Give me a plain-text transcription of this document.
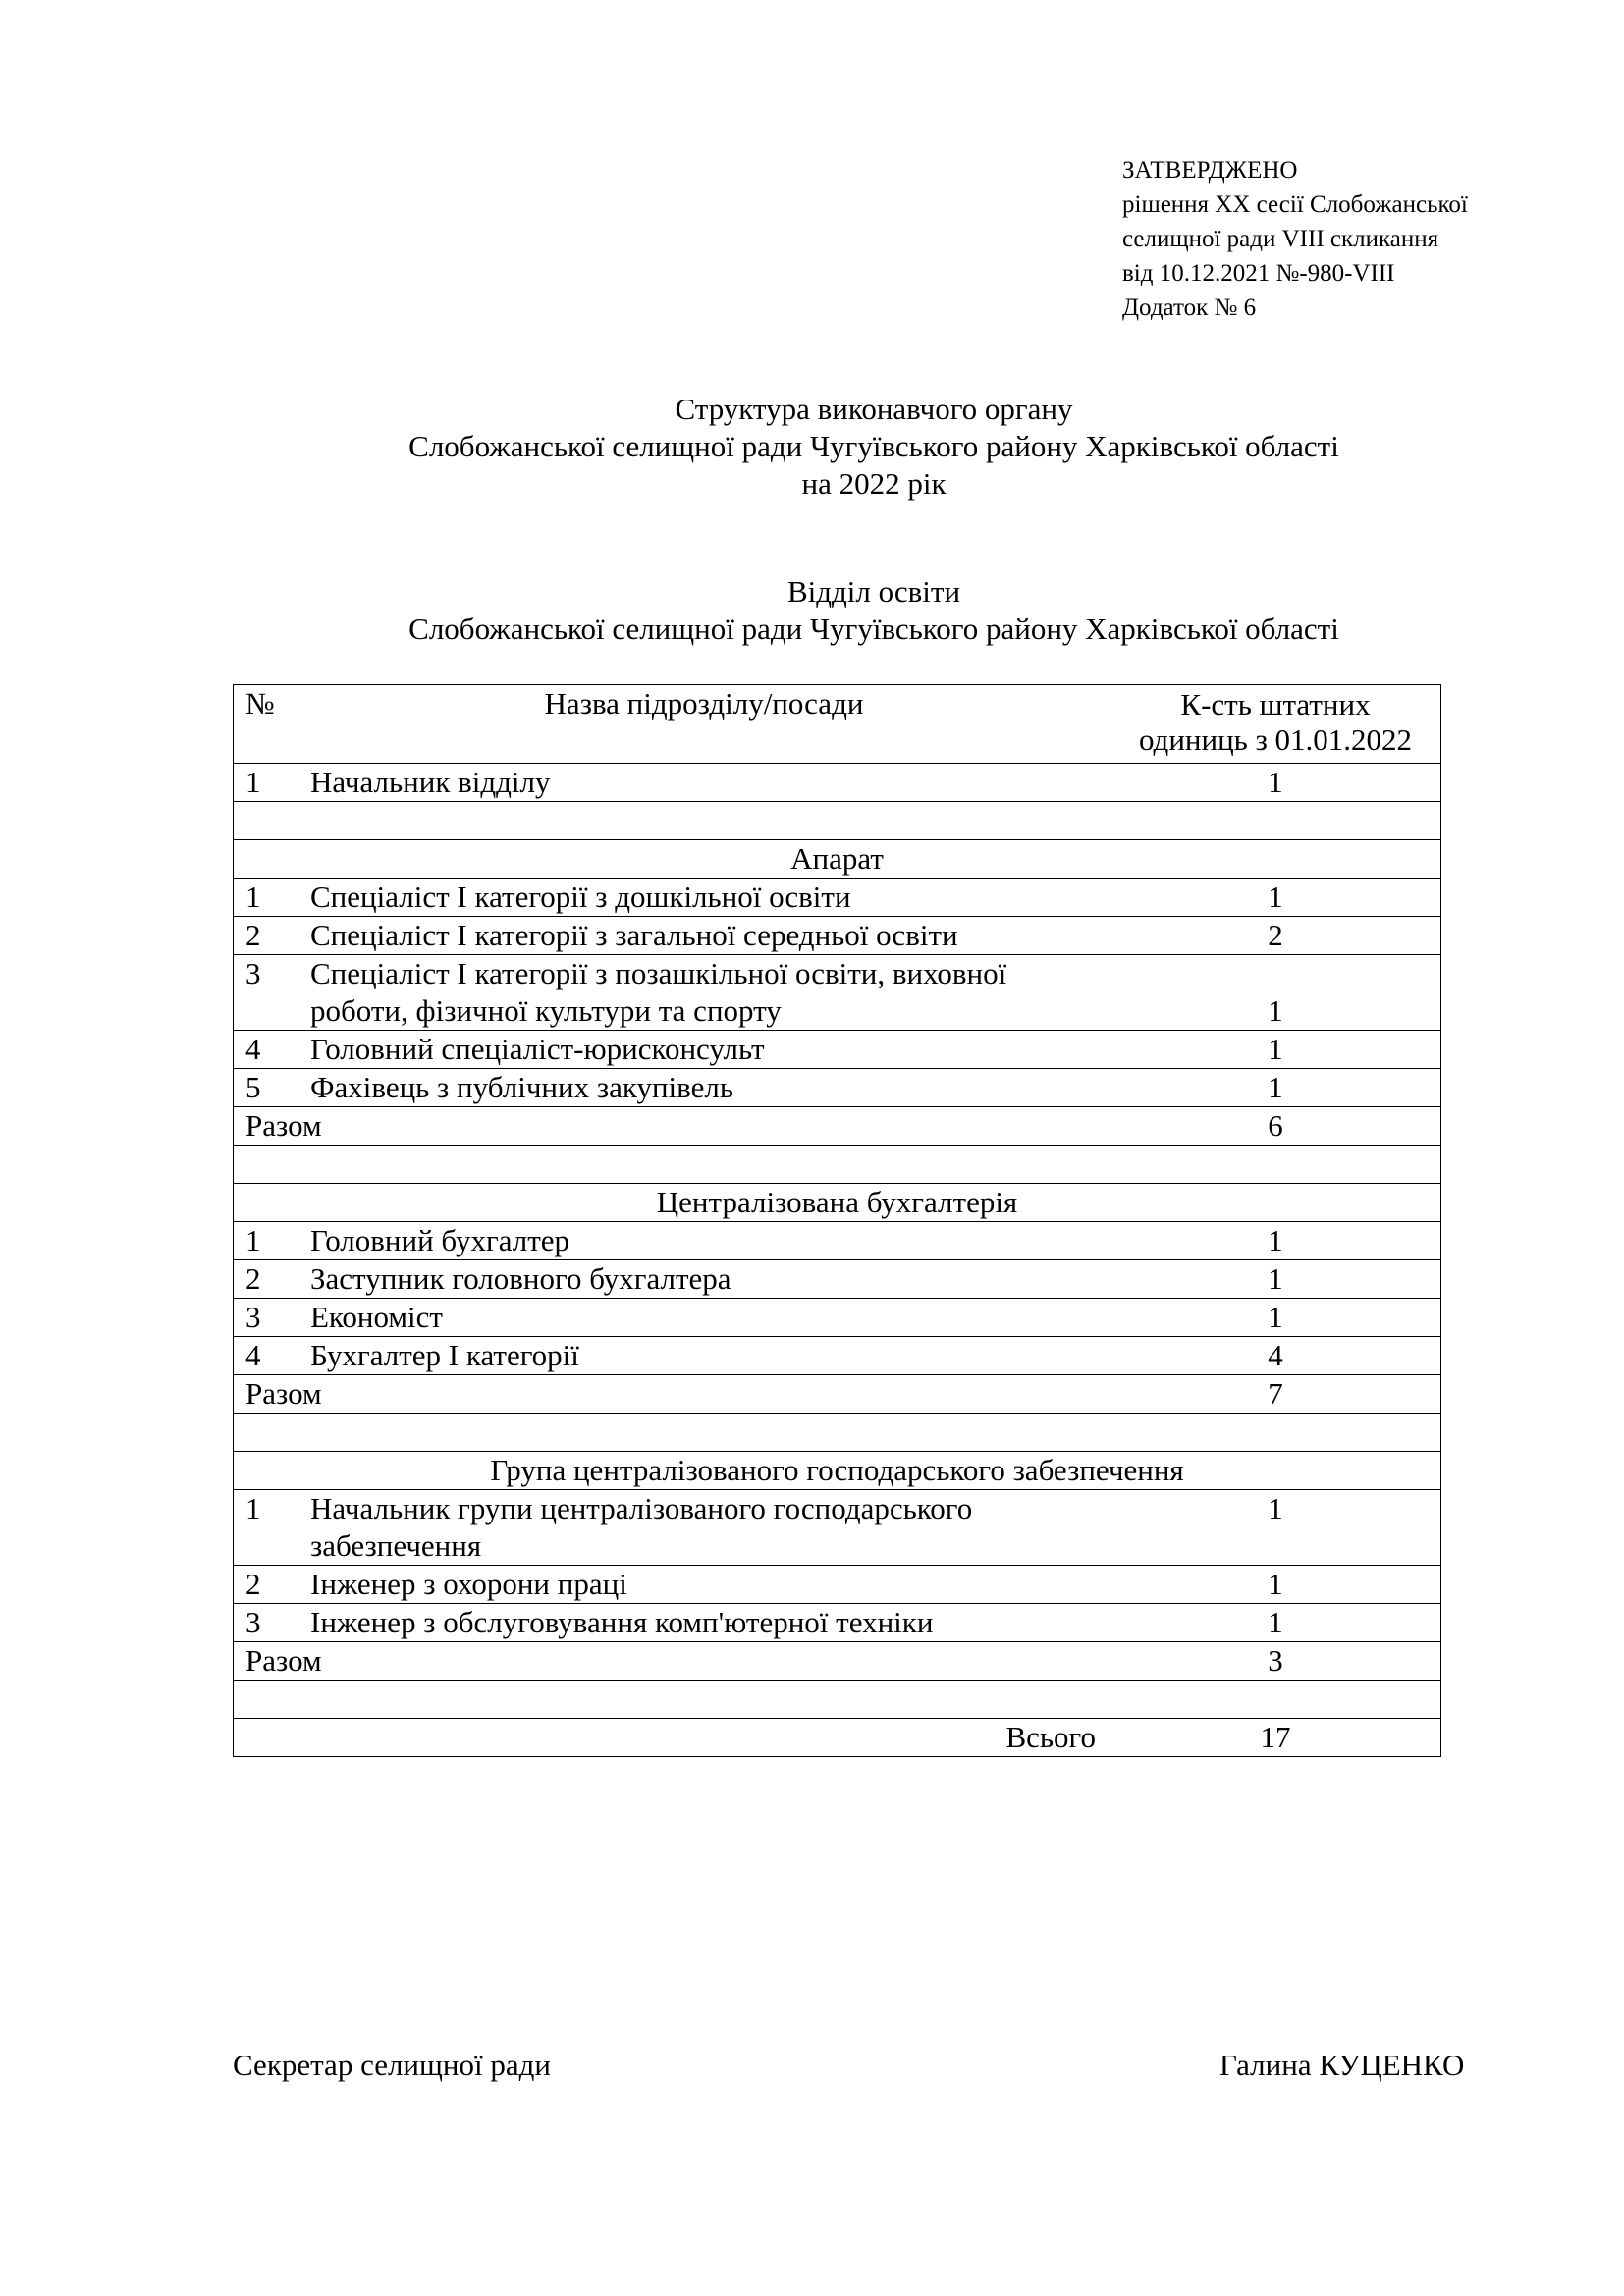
ЗАТВЕРДЖЕНО
рішення XX сесії Слобожанської
селищної ради VIII скликання
від 10.12.2021 №-980-VIII
Додаток № 6
Структура виконавчого органу
Слобожанської селищної ради Чугуївського району Харківської області
на 2022 рік
Відділ освіти
Слобожанської селищної ради Чугуївського району Харківської області
№	Назва підрозділу/посади	К-сть штатних
одиниць з 01.01.2022

1	Начальник відділу	1

Апарат		
1	Спеціаліст I категорії з дошкільної освіти	1
2	Спеціаліст I категорії з загальної середньої освіти	2
3	Спеціаліст I категорії з позашкільної освіти, виховної
роботи, фізичної культури та спорту	1
4	Головний спеціаліст-юрисконсульт	1
5	Фахівець з публічних закупівель	1
Разом		6

Централізована бухгалтерія		
1	Головний бухгалтер	1
2	Заступник головного бухгалтера	1
3	Економіст	1
4	Бухгалтер I категорії	4
Разом		7

Група централізованого господарського забезпечення		
1	Начальник групи централізованого господарського
забезпечення	1
2	Інженер з охорони праці	1
3	Інженер з обслуговування комп'ютерної техніки	1
Разом		3

Всього		17
Секретар селищної ради	Галина КУЦЕНКО
